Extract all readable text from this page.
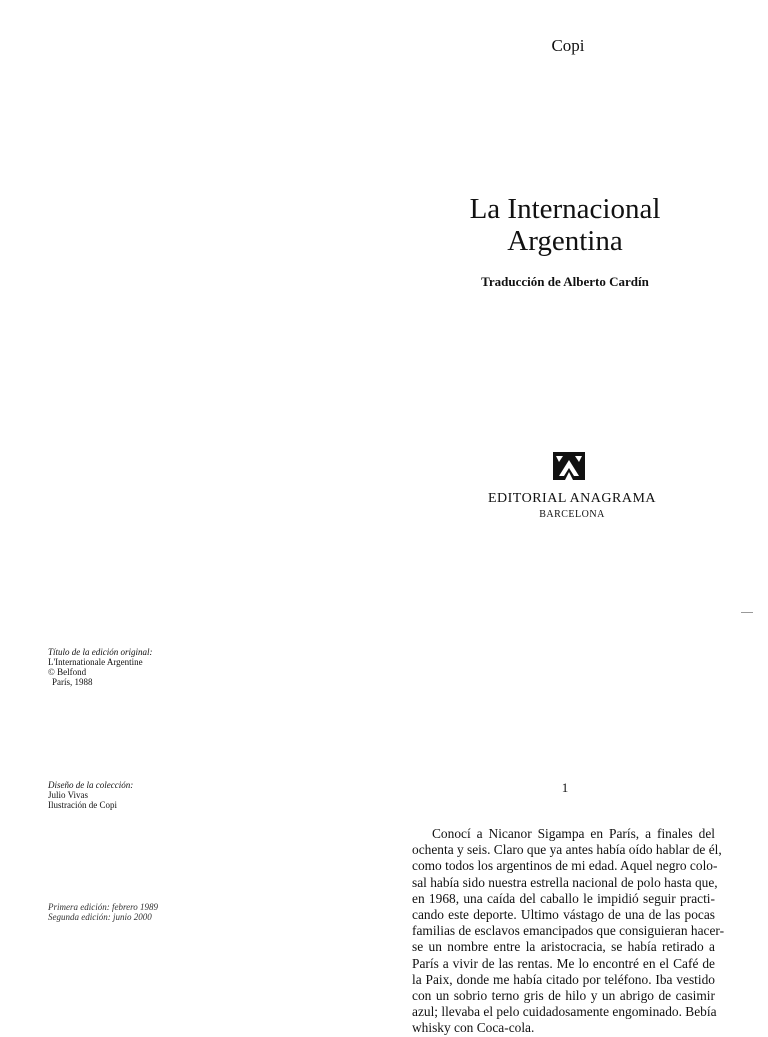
Copi
La Internacional
Argentina
Traducción de Alberto Cardín
EDITORIAL ANAGRAMA
BARCELONA
Título de la edición original:
L'Internationale Argentine
© Belfond
París, 1988
Diseño de la colección:
Julio Vivas
Ilustración de Copi
Primera edición: febrero 1989
Segunda edición: junio 2000
1
Conocí a Nicanor Sigampa en París, a finales del
ochenta y seis. Claro que ya antes había oído hablar de él,
como todos los argentinos de mi edad. Aquel negro colo-
sal había sido nuestra estrella nacional de polo hasta que,
en 1968, una caída del caballo le impidió seguir practi-
cando este deporte. Ultimo vástago de una de las pocas
familias de esclavos emancipados que consiguieran hacer-
se un nombre entre la aristocracia, se había retirado a
París a vivir de las rentas. Me lo encontré en el Café de
la Paix, donde me había citado por teléfono. Iba vestido
con un sobrio terno gris de hilo y un abrigo de casimir
azul; llevaba el pelo cuidadosamente engominado. Bebía
whisky con Coca-cola.
